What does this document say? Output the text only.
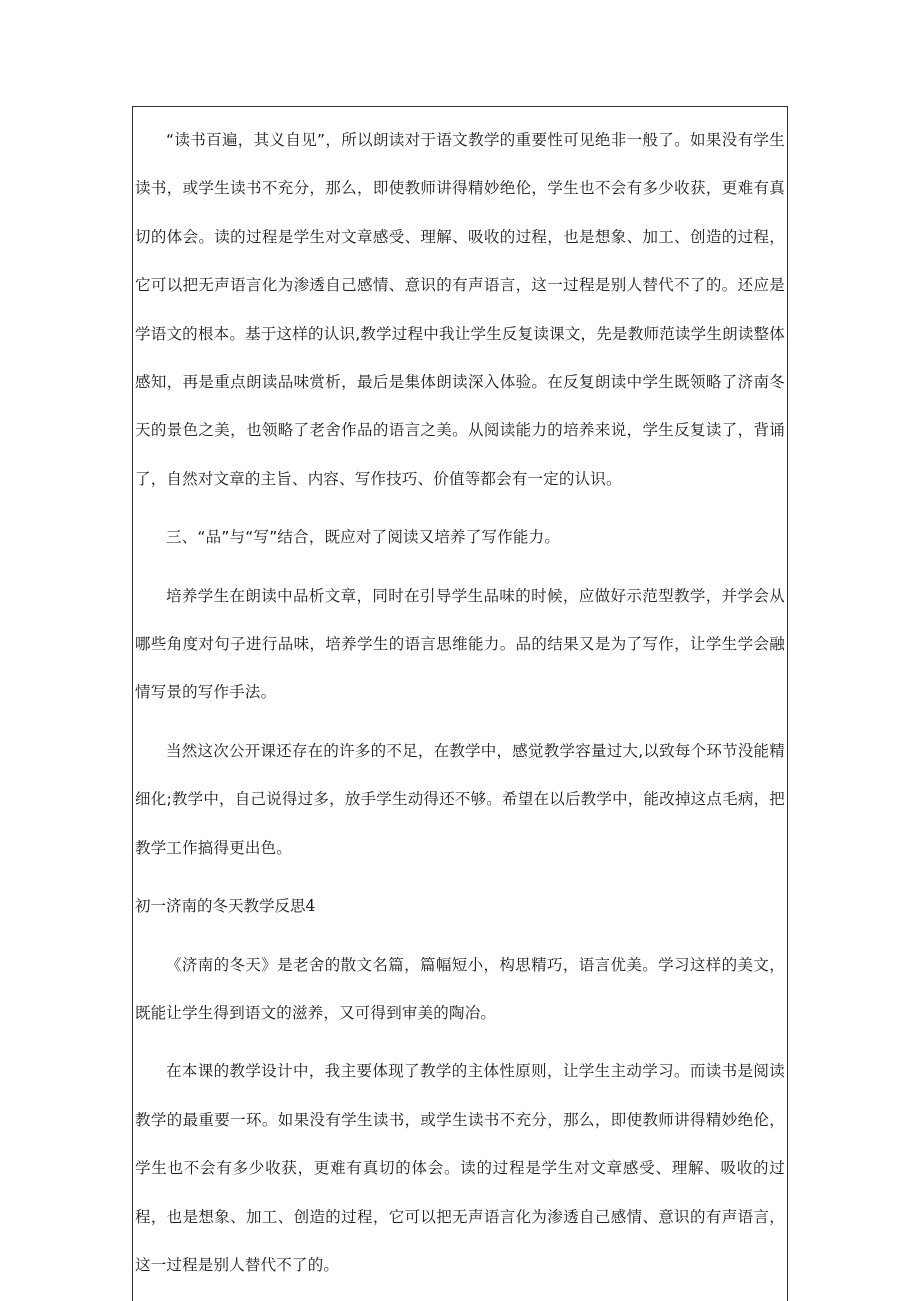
“读书百遍，其义自见”，所以朗读对于语文教学的重要性可见绝非一般了。如果没有学生读书，或学生读书不充分，那么，即使教师讲得精妙绝伦，学生也不会有多少收获，更难有真切的体会。读的过程是学生对文章感受、理解、吸收的过程，也是想象、加工、创造的过程，它可以把无声语言化为渗透自己感情、意识的有声语言，这一过程是别人替代不了的。还应是学语文的根本。基于这样的认识,教学过程中我让学生反复读课文，先是教师范读学生朗读整体感知，再是重点朗读品味赏析，最后是集体朗读深入体验。在反复朗读中学生既领略了济南冬天的景色之美，也领略了老舍作品的语言之美。从阅读能力的培养来说，学生反复读了，背诵了，自然对文章的主旨、内容、写作技巧、价值等都会有一定的认识。

三、“品”与“写”结合，既应对了阅读又培养了写作能力。

培养学生在朗读中品析文章，同时在引导学生品味的时候，应做好示范型教学，并学会从哪些角度对句子进行品味，培养学生的语言思维能力。品的结果又是为了写作，让学生学会融情写景的写作手法。

当然这次公开课还存在的许多的不足，在教学中，感觉教学容量过大,以致每个环节没能精细化;教学中，自己说得过多，放手学生动得还不够。希望在以后教学中，能改掉这点毛病，把教学工作搞得更出色。

初一济南的冬天教学反思4

《济南的冬天》是老舍的散文名篇，篇幅短小，构思精巧，语言优美。学习这样的美文，既能让学生得到语文的滋养，又可得到审美的陶冶。

在本课的教学设计中，我主要体现了教学的主体性原则，让学生主动学习。而读书是阅读教学的最重要一环。如果没有学生读书，或学生读书不充分，那么，即使教师讲得精妙绝伦，学生也不会有多少收获，更难有真切的体会。读的过程是学生对文章感受、理解、吸收的过程，也是想象、加工、创造的过程，它可以把无声语言化为渗透自己感情、意识的有声语言，这一过程是别人替代不了的。
